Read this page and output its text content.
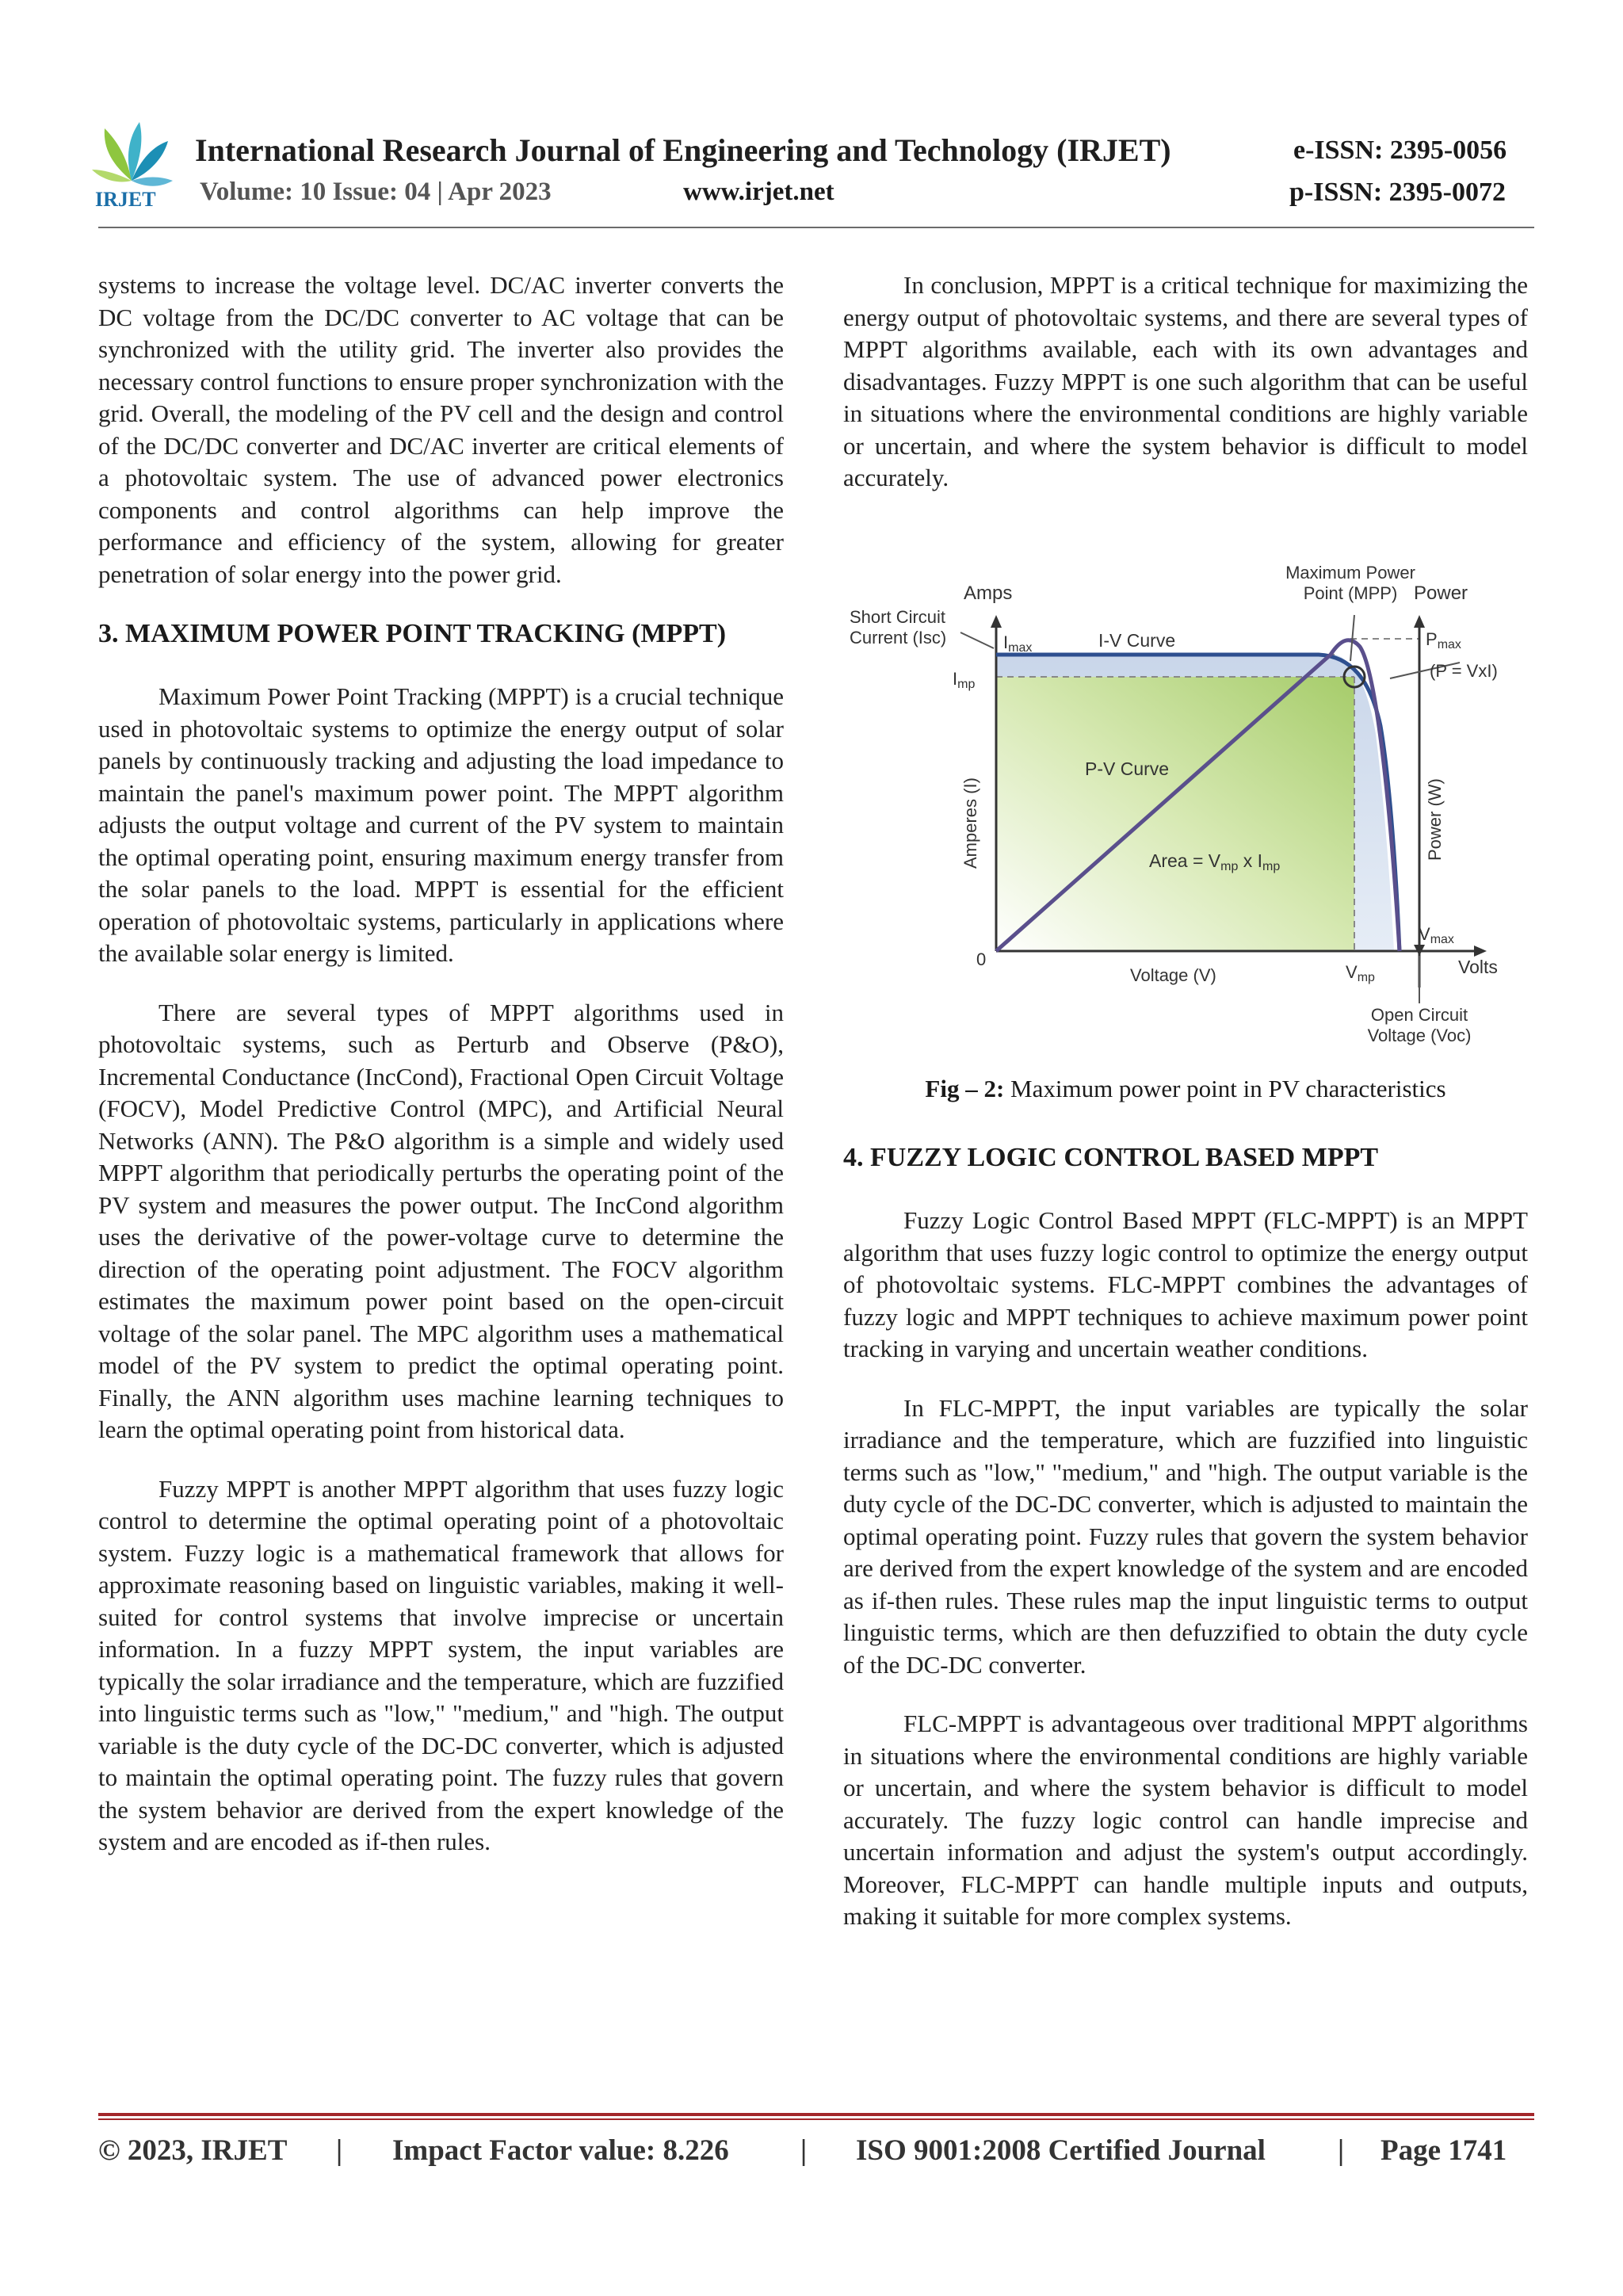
IRJET
International Research Journal of Engineering and Technology (IRJET)	e-ISSN: 2395-0056
Volume: 10 Issue: 04 | Apr 2023	www.irjet.net	p-ISSN: 2395-0072

systems to increase the voltage level. DC/AC inverter converts the DC voltage from the DC/DC converter to AC voltage that can be synchronized with the utility grid. The inverter also provides the necessary control functions to ensure proper synchronization with the grid. Overall, the modeling of the PV cell and the design and control of the DC/DC converter and DC/AC inverter are critical elements of a photovoltaic system. The use of advanced power electronics components and control algorithms can help improve the performance and efficiency of the system, allowing for greater penetration of solar energy into the power grid.

3. MAXIMUM POWER POINT TRACKING (MPPT)

Maximum Power Point Tracking (MPPT) is a crucial technique used in photovoltaic systems to optimize the energy output of solar panels by continuously tracking and adjusting the load impedance to maintain the panel's maximum power point. The MPPT algorithm adjusts the output voltage and current of the PV system to maintain the optimal operating point, ensuring maximum energy transfer from the solar panels to the load. MPPT is essential for the efficient operation of photovoltaic systems, particularly in applications where the available solar energy is limited.

There are several types of MPPT algorithms used in photovoltaic systems, such as Perturb and Observe (P&O), Incremental Conductance (IncCond), Fractional Open Circuit Voltage (FOCV), Model Predictive Control (MPC), and Artificial Neural Networks (ANN). The P&O algorithm is a simple and widely used MPPT algorithm that periodically perturbs the operating point of the PV system and measures the power output. The IncCond algorithm uses the derivative of the power-voltage curve to determine the direction of the operating point adjustment. The FOCV algorithm estimates the maximum power point based on the open-circuit voltage of the solar panel. The MPC algorithm uses a mathematical model of the PV system to predict the optimal operating point. Finally, the ANN algorithm uses machine learning techniques to learn the optimal operating point from historical data.

Fuzzy MPPT is another MPPT algorithm that uses fuzzy logic control to determine the optimal operating point of a photovoltaic system. Fuzzy logic is a mathematical framework that allows for approximate reasoning based on linguistic variables, making it well-suited for control systems that involve imprecise or uncertain information. In a fuzzy MPPT system, the input variables are typically the solar irradiance and the temperature, which are fuzzified into linguistic terms such as "low," "medium," and "high. The output variable is the duty cycle of the DC-DC converter, which is adjusted to maintain the optimal operating point. The fuzzy rules that govern the system behavior are derived from the expert knowledge of the system and are encoded as if-then rules.

In conclusion, MPPT is a critical technique for maximizing the energy output of photovoltaic systems, and there are several types of MPPT algorithms available, each with its own advantages and disadvantages. Fuzzy MPPT is one such algorithm that can be useful in situations where the environmental conditions are highly variable or uncertain, and where the system behavior is difficult to model accurately.

Amps	Power
Maximum Power
Point (MPP)
Short Circuit
Current (Isc)	Imax
Imp
I-V Curve	Pmax
(P = VxI)
P-V Curve
Amperes (I)	Power (W)
Area = Vmp x Imp
0
Vmax
Voltage (V)	Vmp
Volts
Open Circuit
Voltage (Voc)
Fig – 2: Maximum power point in PV characteristics
4. FUZZY LOGIC CONTROL BASED MPPT

Fuzzy Logic Control Based MPPT (FLC-MPPT) is an MPPT algorithm that uses fuzzy logic control to optimize the energy output of photovoltaic systems. FLC-MPPT combines the advantages of fuzzy logic and MPPT techniques to achieve maximum power point tracking in varying and uncertain weather conditions.

In FLC-MPPT, the input variables are typically the solar irradiance and the temperature, which are fuzzified into linguistic terms such as "low," "medium," and "high. The output variable is the duty cycle of the DC-DC converter, which is adjusted to maintain the optimal operating point. Fuzzy rules that govern the system behavior are derived from the expert knowledge of the system and are encoded as if-then rules. These rules map the input linguistic terms to output linguistic terms, which are then defuzzified to obtain the duty cycle of the DC-DC converter.

FLC-MPPT is advantageous over traditional MPPT algorithms in situations where the environmental conditions are highly variable or uncertain, and where the system behavior is difficult to model accurately. The fuzzy logic control can handle imprecise and uncertain information and adjust the system's output accordingly. Moreover, FLC-MPPT can handle multiple inputs and outputs, making it suitable for more complex systems.

© 2023, IRJET | Impact Factor value: 8.226 | ISO 9001:2008 Certified Journal | Page 1741
